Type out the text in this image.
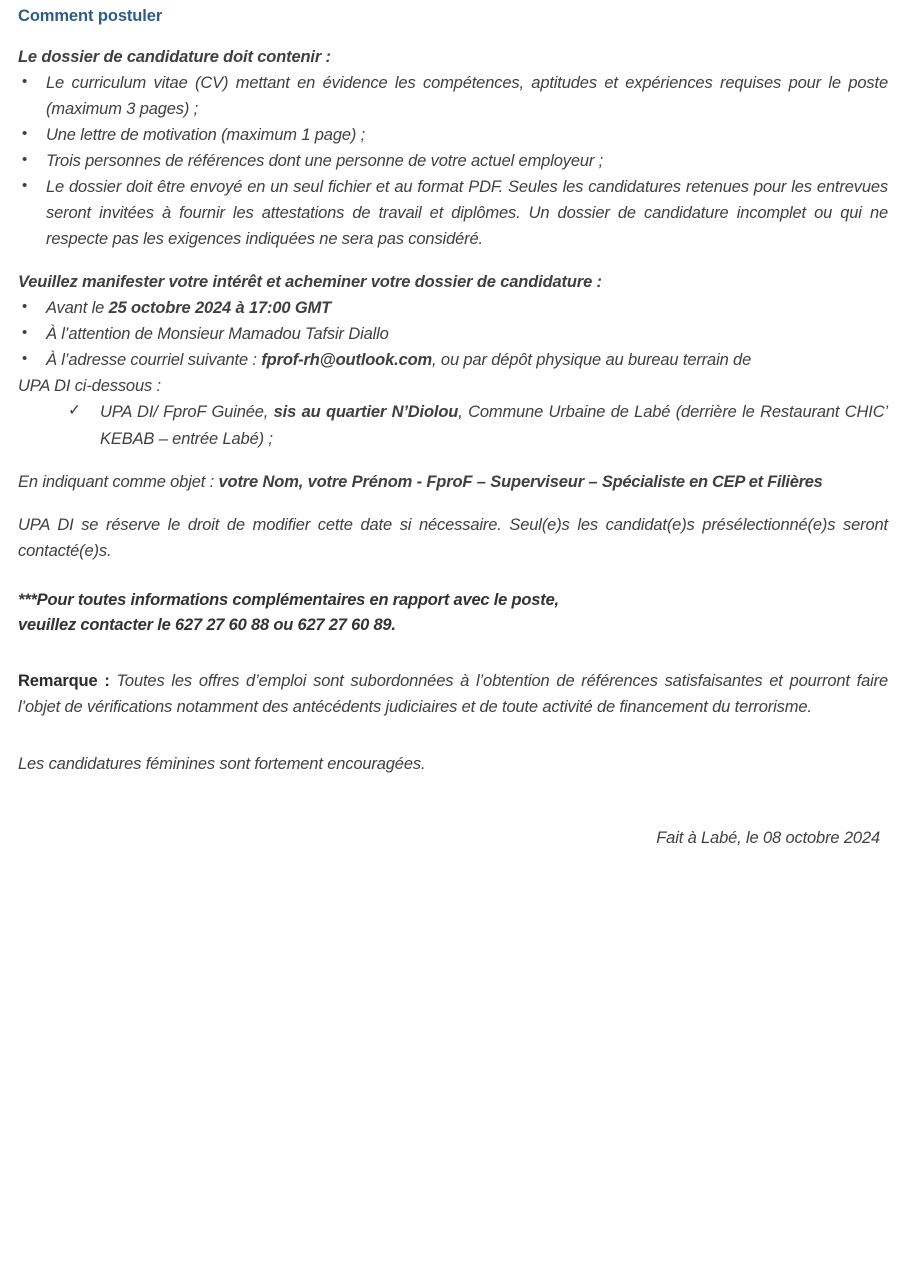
Comment postuler

Le dossier de candidature doit contenir :

• Le curriculum vitae (CV) mettant en évidence les compétences, aptitudes et expériences requises pour le poste (maximum 3 pages) ;
• Une lettre de motivation (maximum 1 page) ;
• Trois personnes de références dont une personne de votre actuel employeur ;
• Le dossier doit être envoyé en un seul fichier et au format PDF. Seules les candidatures retenues pour les entrevues seront invitées à fournir les attestations de travail et diplômes. Un dossier de candidature incomplet ou qui ne respecte pas les exigences indiquées ne sera pas considéré.

Veuillez manifester votre intérêt et acheminer votre dossier de candidature :

• Avant le 25 octobre 2024 à 17:00 GMT
• À l’attention de Monsieur Mamadou Tafsir Diallo
• À l’adresse courriel suivante : fprof-rh@outlook.com, ou par dépôt physique au bureau terrain de
UPA DI ci-dessous :
✓ UPA DI/ FproF Guinée, sis au quartier N’Diolou, Commune Urbaine de Labé (derrière le Restaurant CHIC’ KEBAB – entrée Labé) ;

En indiquant comme objet : votre Nom, votre Prénom - FproF – Superviseur – Spécialiste en CEP et Filières

UPA DI se réserve le droit de modifier cette date si nécessaire. Seul(e)s les candidat(e)s présélectionné(e)s seront contacté(e)s.

***Pour toutes informations complémentaires en rapport avec le poste,
veuillez contacter le 627 27 60 88 ou 627 27 60 89.

Remarque : Toutes les offres d’emploi sont subordonnées à l’obtention de références satisfaisantes et pourront faire l’objet de vérifications notamment des antécédents judiciaires et de toute activité de financement du terrorisme.

Les candidatures féminines sont fortement encouragées.

Fait à Labé, le 08 octobre 2024
